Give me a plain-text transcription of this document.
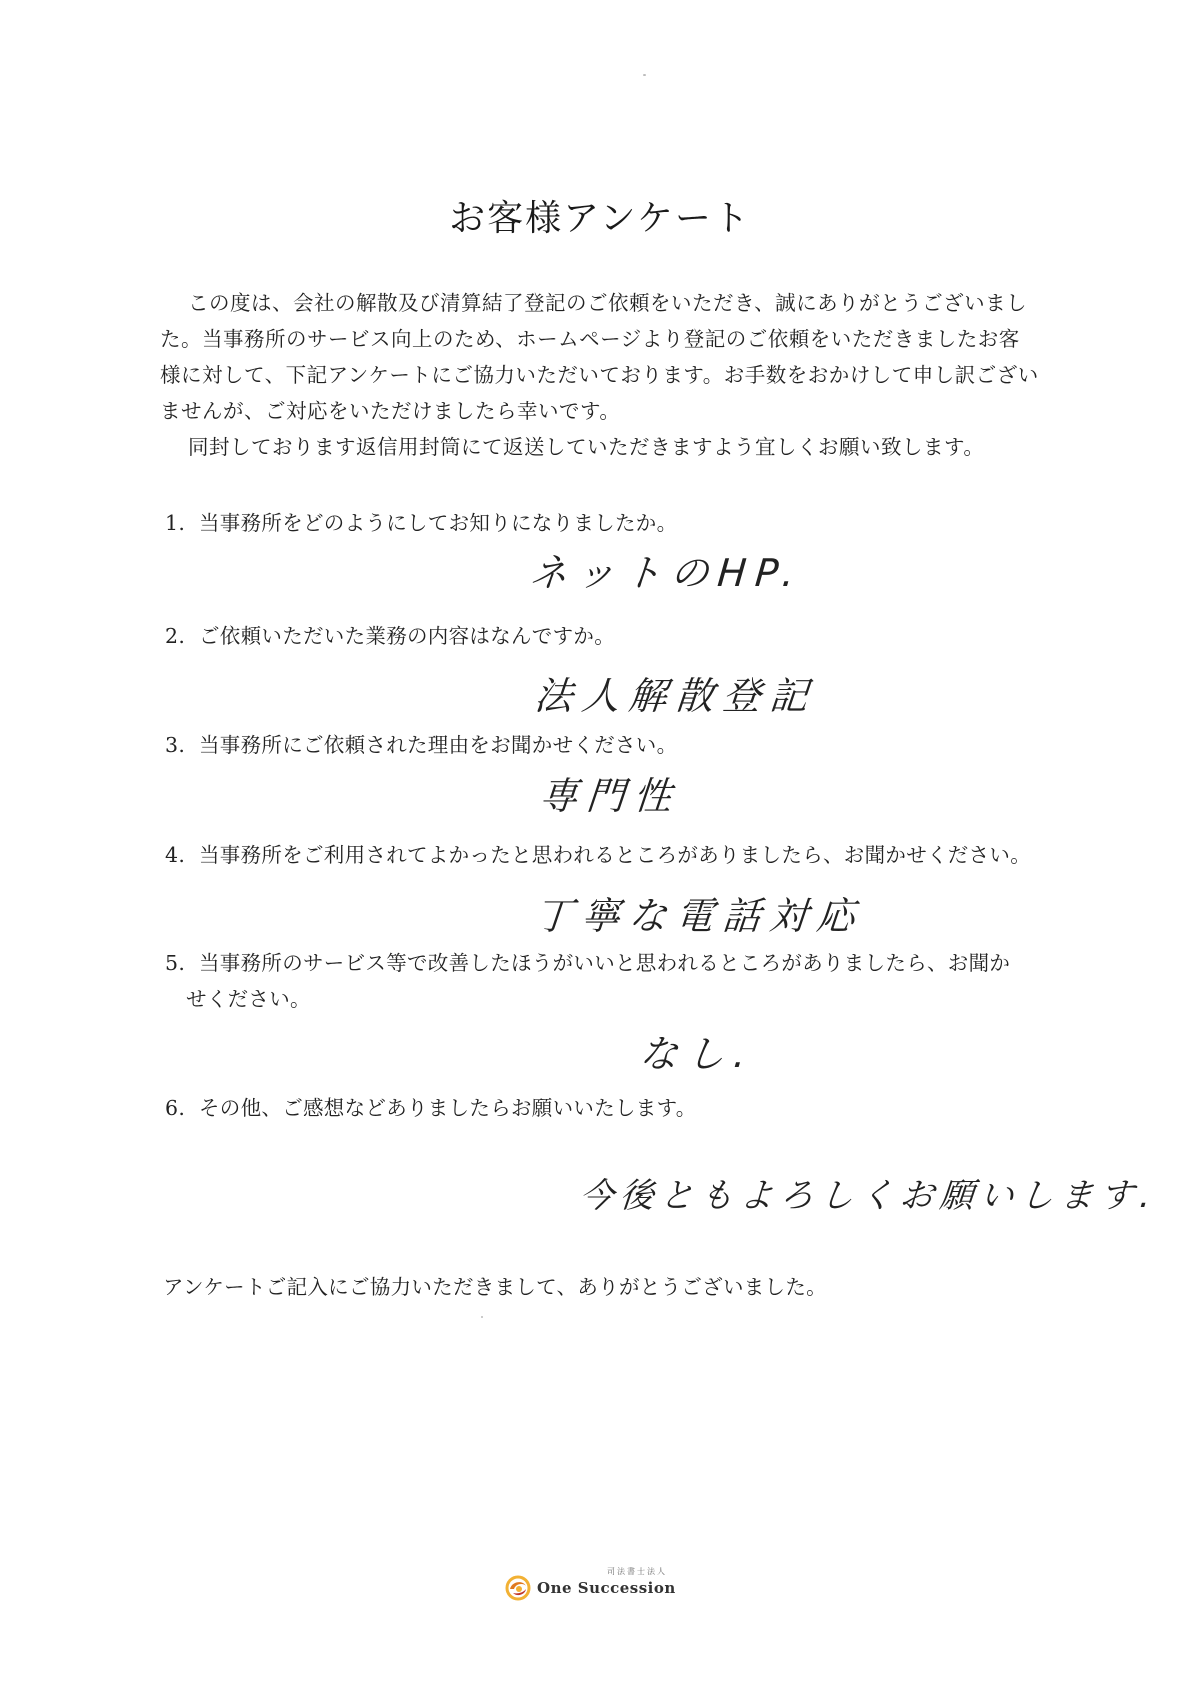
お客様アンケート

この度は、会社の解散及び清算結了登記のご依頼をいただき、誠にありがとうございました。当事務所のサービス向上のため、ホームページより登記のご依頼をいただきましたお客様に対して、下記アンケートにご協力いただいております。お手数をおかけして申し訳ございませんが、ご対応をいただけましたら幸いです。

同封しております返信用封筒にて返送していただきますよう宜しくお願い致します。

1. 当事務所をどのようにしてお知りになりましたか。
ネットのHP.
2. ご依頼いただいた業務の内容はなんですか。
法人解散登記
3. 当事務所にご依頼された理由をお聞かせください。
専門性
4. 当事務所をご利用されてよかったと思われるところがありましたら、お聞かせください。
丁寧な電話対応
5. 当事務所のサービス等で改善したほうがいいと思われるところがありましたら、お聞か
せください。
なし.
6. その他、ご感想などありましたらお願いいたします。
今後ともよろしくお願いします.
アンケートご記入にご協力いただきまして、ありがとうございました。
司法書士法人
One Succession
